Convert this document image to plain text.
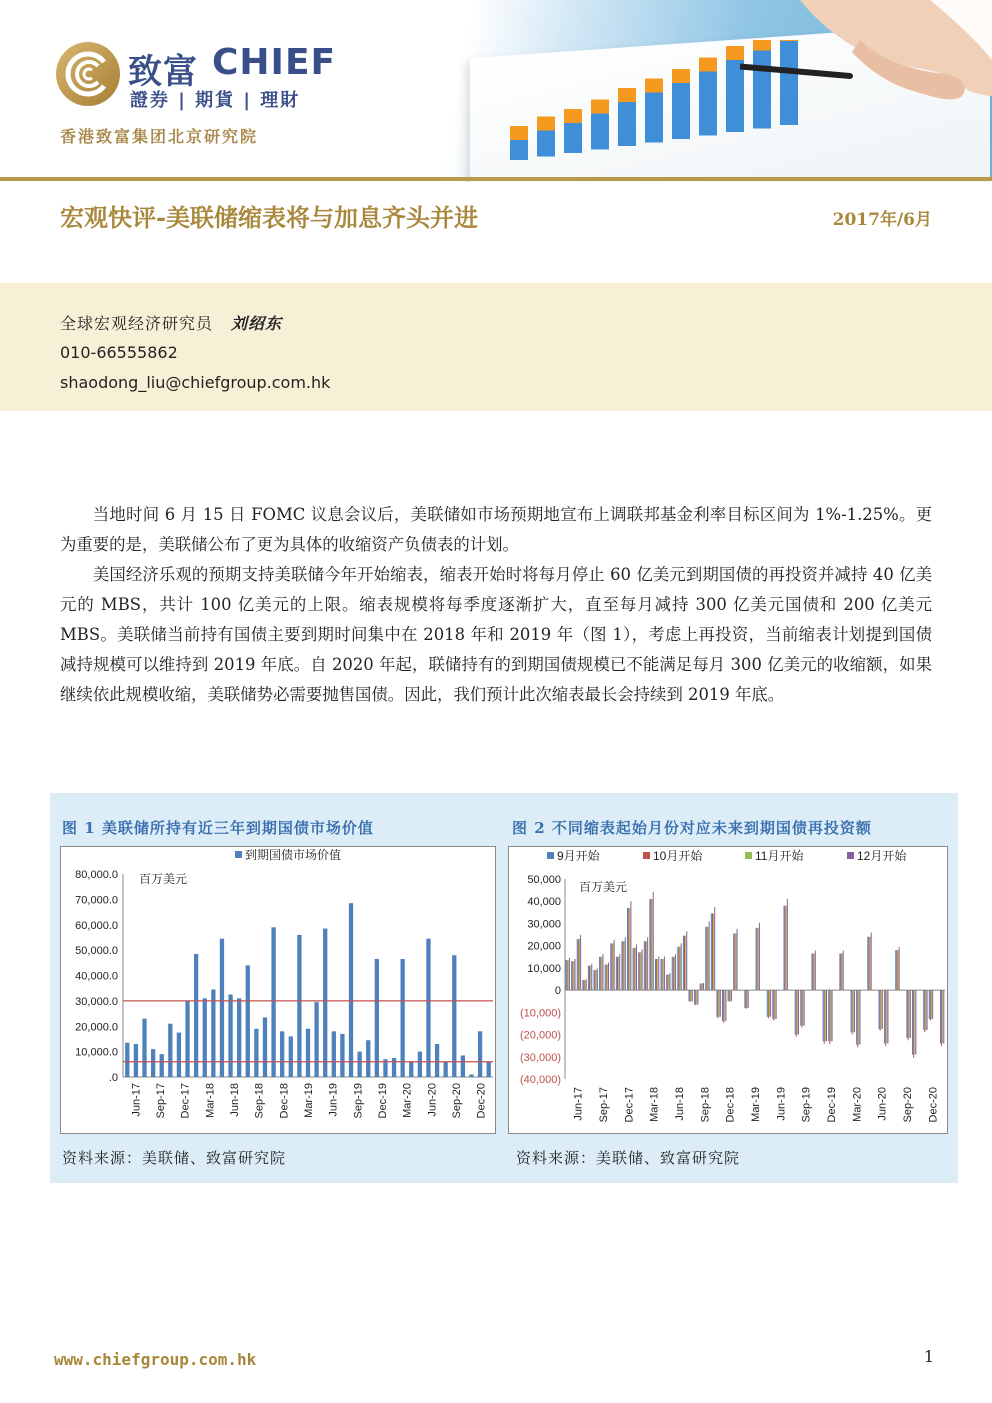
致富 CHIEF
證券 | 期貨 | 理財
香港致富集团北京研究院
宏观快评-美联储缩表将与加息齐头并进	2017年/6月
全球宏观经济研究员 刘绍东
010-66555862
shaodong_liu@chiefgroup.com.hk

当地时间 6 月 15 日 FOMC 议息会议后，美联储如市场预期地宣布上调联邦基金利率目标区间为 1%-1.25%。更为重要的是，美联储公布了更为具体的收缩资产负债表的计划。

美国经济乐观的预期支持美联储今年开始缩表，缩表开始时将每月停止 60 亿美元到期国债的再投资并减持 40 亿美元的 MBS，共计 100 亿美元的上限。缩表规模将每季度逐渐扩大，直至每月减持 300 亿美元国债和 200 亿美元 MBS。美联储当前持有国债主要到期时间集中在 2018 年和 2019 年（图 1），考虑上再投资，当前缩表计划提到国债减持规模可以维持到 2019 年底。自 2020 年起，联储持有的到期国债规模已不能满足每月 300 亿美元的收缩额，如果继续依此规模收缩，美联储势必需要抛售国债。因此，我们预计此次缩表最长会持续到 2019 年底。

图 1 美联储所持有近三年到期国债市场价值	图 2 不同缩表起始月份对应未来到期国债再投资额
80,000.0
70,000.0
60,000.0
50,000.0
40,000.0
30,000.0
20,000.0
10,000.0
.0
百万美元
到期国债市场价值
Jun-17 Sep-17 Dec-17 Mar-18 Jun-18 Sep-18 Dec-18 Mar-19 Jun-19 Sep-19 Dec-19 Mar-20 Jun-20 Sep-20 Dec-20
50,000
40,000
30,000
20,000
10,000
0
(10,000)
(20,000)
(30,000)
(40,000)
百万美元
9月开始	10月开始	11月开始	12月开始
Jun-17 Sep-17 Dec-17 Mar-18 Jun-18 Sep-18 Dec-18 Mar-19 Jun-19 Sep-19 Dec-19 Mar-20 Jun-20 Sep-20 Dec-20
资料来源：美联储、致富研究院	资料来源：美联储、致富研究院
www.chiefgroup.com.hk	1
